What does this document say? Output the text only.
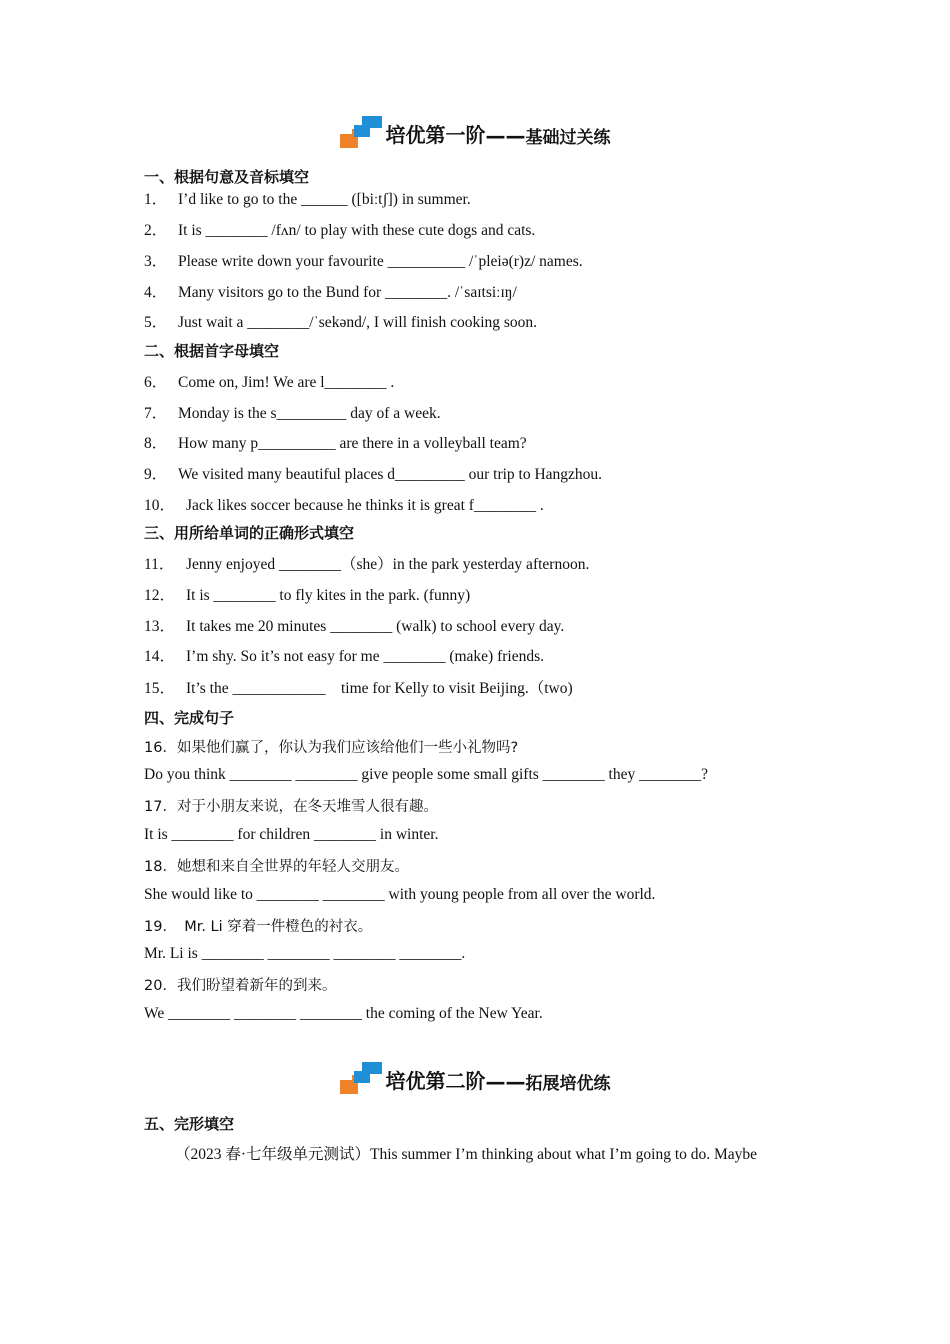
培优第一阶 —— 基础过关练
一、根据句意及音标填空
1． I’d like to go to the ______ ([biːtʃ]) in summer.
2． It is ________ /fʌn/ to play with these cute dogs and cats.
3． Please write down your favourite __________ /ˈpleiə(r)z/ names.
4． Many visitors go to the Bund for ________. /ˈsaɪtsiːɪŋ/
5． Just wait a ________/ˈsekənd/, I will finish cooking soon.
二、根据首字母填空
6． Come on, Jim! We are l________ .
7． Monday is the s_________ day of a week.
8． How many p__________ are there in a volleyball team?
9． We visited many beautiful places d_________ our trip to Hangzhou.
10． Jack likes soccer because he thinks it is great f________ .
三、用所给单词的正确形式填空
11． Jenny enjoyed ________（she）in the park yesterday afternoon.
12． It is ________ to fly kites in the park. (funny)
13． It takes me 20 minutes ________ (walk) to school every day.
14． I’m shy. So it’s not easy for me ________ (make) friends.
15． It’s the ____________　time for Kelly to visit Beijing.（two)
四、完成句子
16．如果他们赢了，你认为我们应该给他们一些小礼物吗?
Do you think ________ ________ give people some small gifts ________ they ________?
17．对于小朋友来说，在冬天堆雪人很有趣。
It is ________ for children ________ in winter.
18．她想和来自全世界的年轻人交朋友。
She would like to ________ ________ with young people from all over the world.
19．　Mr. Li 穿着一件橙色的衬衣。
Mr. Li is ________ ________ ________ ________.
20．我们盼望着新年的到来。
We ________ ________ ________ the coming of the New Year.
培优第二阶 —— 拓展培优练
五、完形填空
（2023 春·七年级单元测试）This summer I’m thinking about what I’m going to do. Maybe
